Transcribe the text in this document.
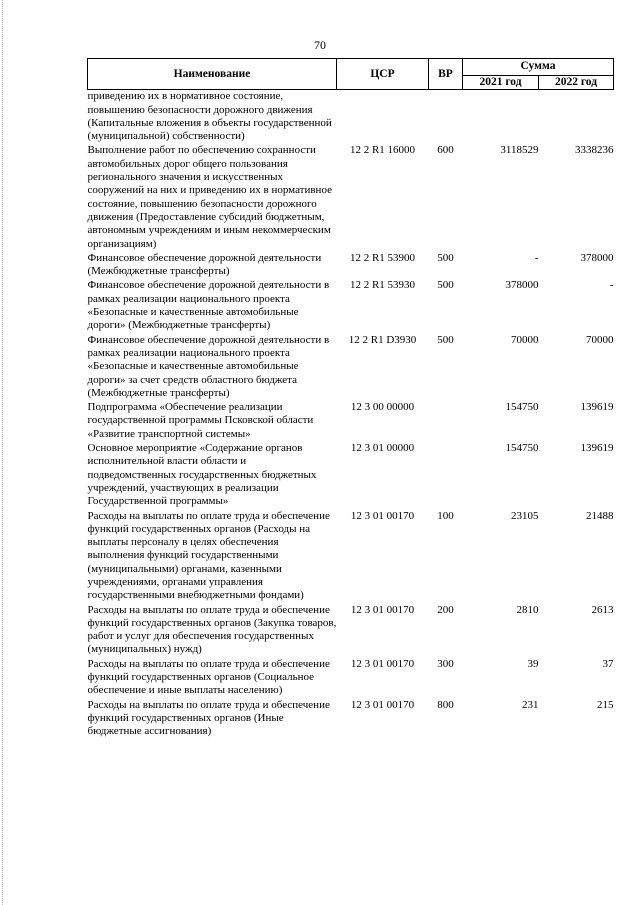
70
Наименование	ЦСР	ВР	Сумма	
			2021 год	2022 год
приведению их в нормативное состояние, повышению безопасности дорожного движения (Капитальные вложения в объекты государственной (муниципальной) собственности)				
Выполнение работ по обеспечению сохранности автомобильных дорог общего пользования регионального значения и искусственных сооружений на них и приведению их в нормативное состояние, повышению безопасности дорожного движения (Предоставление субсидий бюджетным, автономным учреждениям и иным некоммерческим организациям)	12 2 R1 16000	600	3118529	3338236
Финансовое обеспечение дорожной деятельности (Межбюджетные трансферты)	12 2 R1 53900	500	-	378000
Финансовое обеспечение дорожной деятельности в рамках реализации национального проекта «Безопасные и качественные автомобильные дороги» (Межбюджетные трансферты)	12 2 R1 53930	500	378000	-
Финансовое обеспечение дорожной деятельности в рамках реализации национального проекта «Безопасные и качественные автомобильные дороги» за счет средств областного бюджета (Межбюджетные трансферты)	12 2 R1 D3930	500	70000	70000
Подпрограмма «Обеспечение реализации государственной программы Псковской области «Развитие транспортной системы»	12 3 00 00000		154750	139619
Основное мероприятие «Содержание органов исполнительной власти области и подведомственных государственных бюджетных учреждений, участвующих в реализации Государственной программы»	12 3 01 00000		154750	139619
Расходы на выплаты по оплате труда и обеспечение функций государственных органов (Расходы на выплаты персоналу в целях обеспечения выполнения функций государственными (муниципальными) органами, казенными учреждениями, органами управления государственными внебюджетными фондами)	12 3 01 00170	100	23105	21488
Расходы на выплаты по оплате труда и обеспечение функций государственных органов (Закупка товаров, работ и услуг для обеспечения государственных (муниципальных) нужд)	12 3 01 00170	200	2810	2613
Расходы на выплаты по оплате труда и обеспечение функций государственных органов (Социальное обеспечение и иные выплаты населению)	12 3 01 00170	300	39	37
Расходы на выплаты по оплате труда и обеспечение функций государственных органов (Иные бюджетные ассигнования)	12 3 01 00170	800	231	215
